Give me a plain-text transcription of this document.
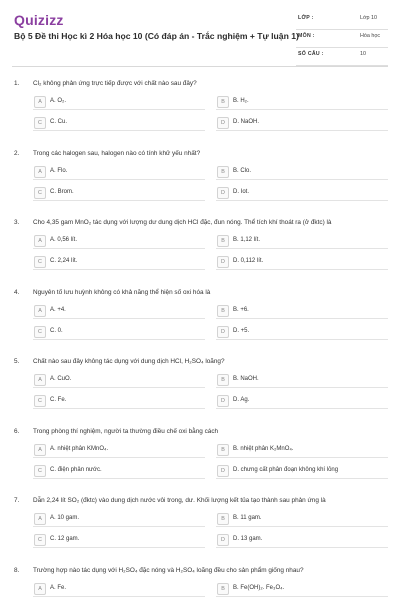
Quizizz
Bộ 5 Đề thi Học kì 2 Hóa học 10 (Có đáp án - Trắc nghiệm + Tự luận 1)
LỚP :	Lớp 10
MÔN :	Hóa học
SỐ CÂU :	10
1. Cl₂ không phản ứng trực tiếp được với chất nào sau đây?
A	A. O₂.	B	B. H₂.
C	C. Cu.	D	D. NaOH.
2. Trong các halogen sau, halogen nào có tính khử yếu nhất?
A	A. Flo.	B	B. Clo.
C	C. Brom.	D	D. Iot.
3. Cho 4,35 gam MnO₂ tác dụng với lượng dư dung dịch HCl đặc, đun nóng. Thể tích khí thoát ra (ở đktc) là
A	A. 0,56 lít.	B	B. 1,12 lít.
C	C. 2,24 lít.	D	D. 0,112 lít.
4. Nguyên tố lưu huỳnh không có khả năng thể hiện số oxi hóa là
A	A. +4.	B	B. +6.
C	C. 0.	D	D. +5.
5. Chất nào sau đây không tác dụng với dung dịch HCl, H₂SO₄ loãng?
A	A. CuO.	B	B. NaOH.
C	C. Fe.	D	D. Ag.
6. Trong phòng thí nghiệm, người ta thường điều chế oxi bằng cách
A	A. nhiệt phân KMnO₄.	B	B. nhiệt phân K₂MnO₄.
C	C. điện phân nước.	D	D. chưng cất phân đoạn không khí lỏng
7. Dẫn 2,24 lít SO₂ (đktc) vào dung dịch nước vôi trong, dư. Khối lượng kết tủa tạo thành sau phản ứng là
A	A. 10 gam.	B	B. 11 gam.
C	C. 12 gam.	D	D. 13 gam.
8. Trường hợp nào tác dụng với H₂SO₄ đặc nóng và H₂SO₄ loãng đều cho sản phẩm giống nhau?
A	A. Fe.	B	B. Fe(OH)₂. Fe₃O₄.
